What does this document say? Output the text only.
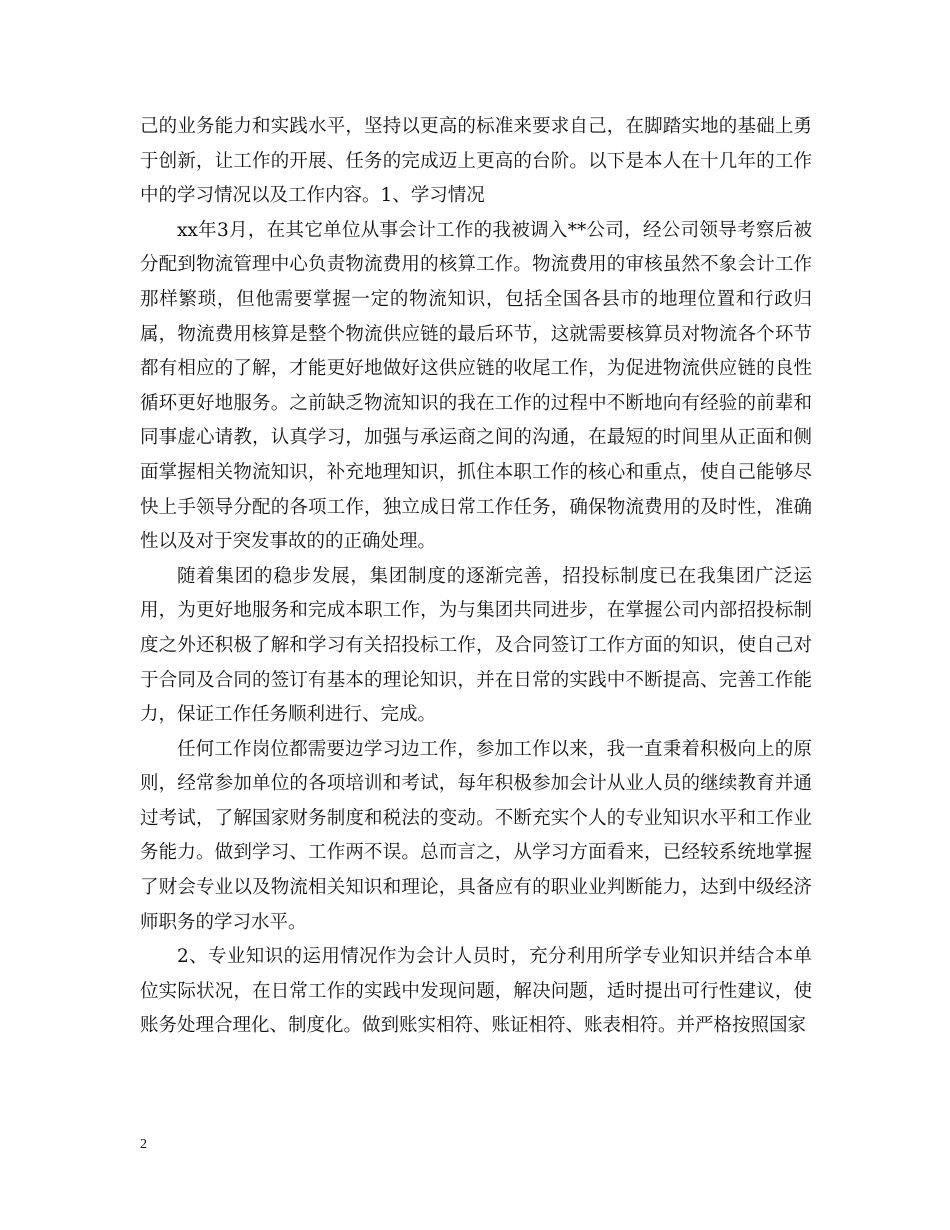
己的业务能力和实践水平，坚持以更高的标准来要求自己，在脚踏实地的基础上勇于创新，让工作的开展、任务的完成迈上更高的台阶。以下是本人在十几年的工作中的学习情况以及工作内容。1、学习情况

xx年3月，在其它单位从事会计工作的我被调入**公司，经公司领导考察后被分配到物流管理中心负责物流费用的核算工作。物流费用的审核虽然不象会计工作那样繁琐，但他需要掌握一定的物流知识，包括全国各县市的地理位置和行政归属，物流费用核算是整个物流供应链的最后环节，这就需要核算员对物流各个环节都有相应的了解，才能更好地做好这供应链的收尾工作，为促进物流供应链的良性循环更好地服务。之前缺乏物流知识的我在工作的过程中不断地向有经验的前辈和同事虚心请教，认真学习，加强与承运商之间的沟通，在最短的时间里从正面和侧面掌握相关物流知识，补充地理知识，抓住本职工作的核心和重点，使自己能够尽快上手领导分配的各项工作，独立成日常工作任务，确保物流费用的及时性，准确性以及对于突发事故的的正确处理。

随着集团的稳步发展，集团制度的逐渐完善，招投标制度已在我集团广泛运用，为更好地服务和完成本职工作，为与集团共同进步，在掌握公司内部招投标制度之外还积极了解和学习有关招投标工作，及合同签订工作方面的知识，使自己对于合同及合同的签订有基本的理论知识，并在日常的实践中不断提高、完善工作能力，保证工作任务顺利进行、完成。

任何工作岗位都需要边学习边工作，参加工作以来，我一直秉着积极向上的原则，经常参加单位的各项培训和考试，每年积极参加会计从业人员的继续教育并通过考试，了解国家财务制度和税法的变动。不断充实个人的专业知识水平和工作业务能力。做到学习、工作两不误。总而言之，从学习方面看来，已经较系统地掌握了财会专业以及物流相关知识和理论，具备应有的职业业判断能力，达到中级经济师职务的学习水平。

2、专业知识的运用情况作为会计人员时，充分利用所学专业知识并结合本单位实际状况，在日常工作的实践中发现问题，解决问题，适时提出可行性建议，使账务处理合理化、制度化。做到账实相符、账证相符、账表相符。并严格按照国家

2
